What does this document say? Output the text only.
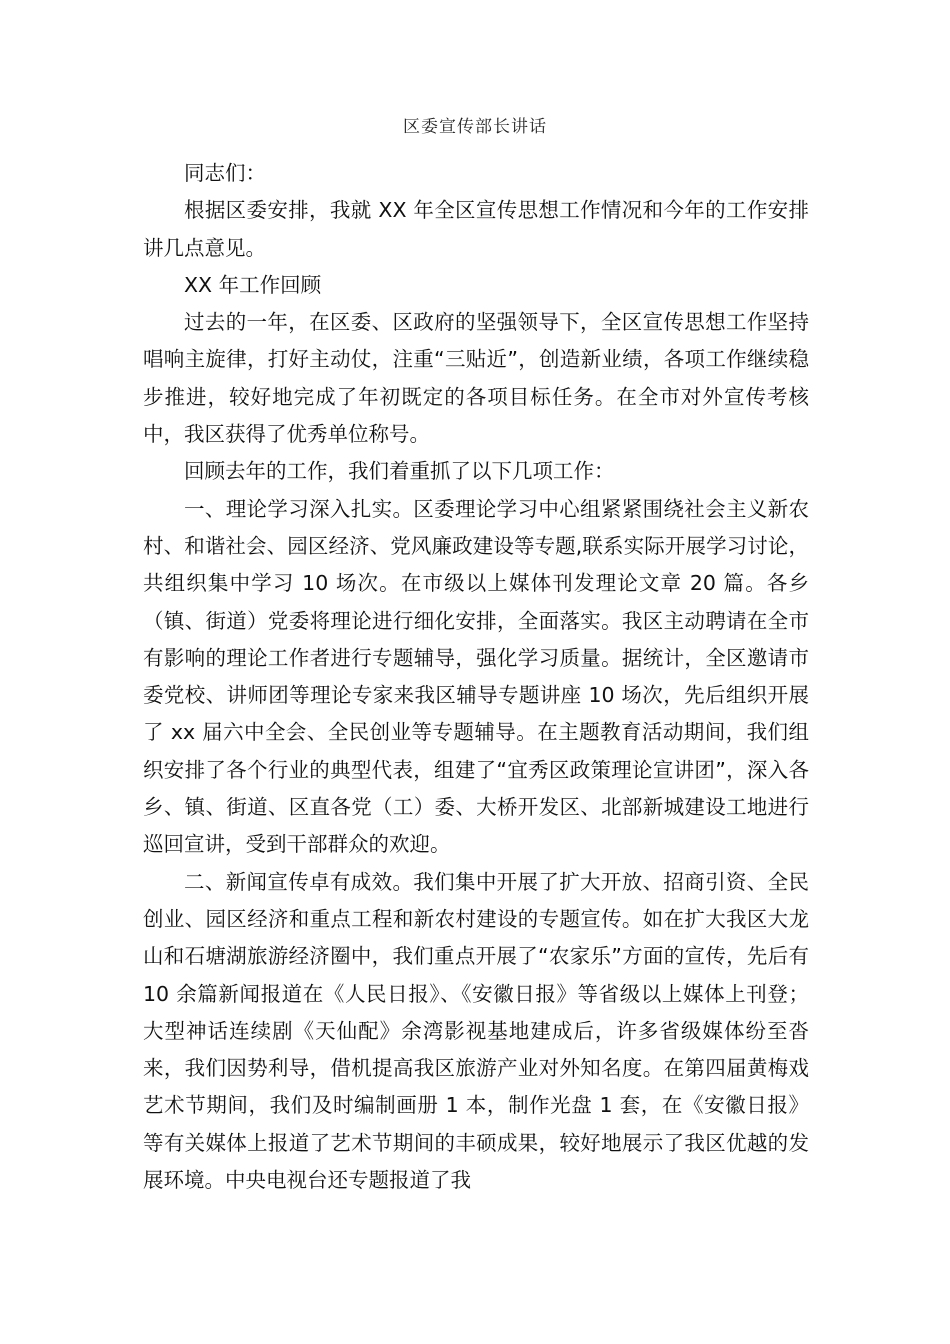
区委宣传部长讲话

同志们：

根据区委安排，我就 XX 年全区宣传思想工作情况和今年的工作安排讲几点意见。

XX 年工作回顾

过去的一年，在区委、区政府的坚强领导下，全区宣传思想工作坚持唱响主旋律，打好主动仗，注重“三贴近”，创造新业绩，各项工作继续稳步推进，较好地完成了年初既定的各项目标任务。在全市对外宣传考核中，我区获得了优秀单位称号。

回顾去年的工作，我们着重抓了以下几项工作：

一、理论学习深入扎实。区委理论学习中心组紧紧围绕社会主义新农村、和谐社会、园区经济、党风廉政建设等专题,联系实际开展学习讨论，共组织集中学习 10 场次。在市级以上媒体刊发理论文章 20 篇。各乡（镇、街道）党委将理论进行细化安排，全面落实。我区主动聘请在全市有影响的理论工作者进行专题辅导，强化学习质量。据统计，全区邀请市委党校、讲师团等理论专家来我区辅导专题讲座 10 场次，先后组织开展了 xx 届六中全会、全民创业等专题辅导。在主题教育活动期间，我们组织安排了各个行业的典型代表，组建了“宜秀区政策理论宣讲团”，深入各乡、镇、街道、区直各党（工）委、大桥开发区、北部新城建设工地进行巡回宣讲，受到干部群众的欢迎。

二、新闻宣传卓有成效。我们集中开展了扩大开放、招商引资、全民创业、园区经济和重点工程和新农村建设的专题宣传。如在扩大我区大龙山和石塘湖旅游经济圈中，我们重点开展了“农家乐”方面的宣传，先后有 10 余篇新闻报道在《人民日报》、《安徽日报》等省级以上媒体上刊登；大型神话连续剧《天仙配》余湾影视基地建成后，许多省级媒体纷至沓来，我们因势利导，借机提高我区旅游产业对外知名度。在第四届黄梅戏艺术节期间，我们及时编制画册 1 本，制作光盘 1 套，在《安徽日报》等有关媒体上报道了艺术节期间的丰硕成果，较好地展示了我区优越的发展环境。中央电视台还专题报道了我
